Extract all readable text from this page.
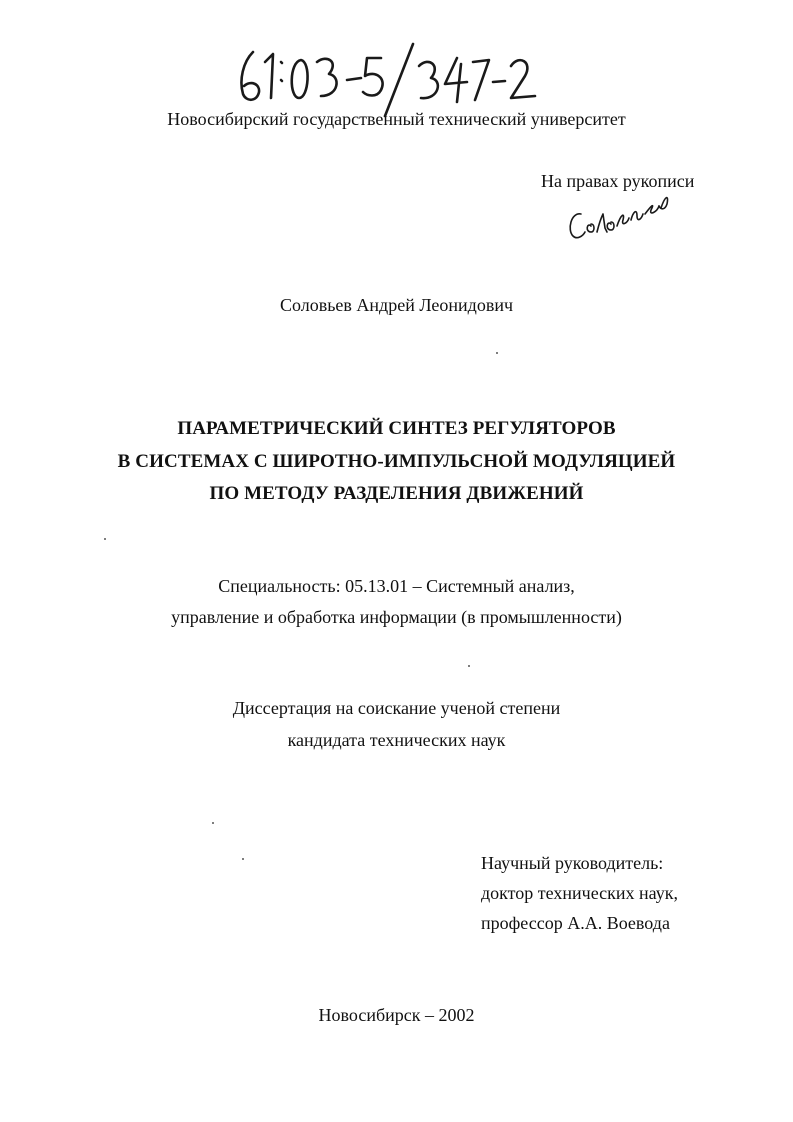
Новосибирский государственный технический университет
На правах рукописи
Соловьев Андрей Леонидович
ПАРАМЕТРИЧЕСКИЙ СИНТЕЗ РЕГУЛЯТОРОВ
В СИСТЕМАХ С ШИРОТНО-ИМПУЛЬСНОЙ МОДУЛЯЦИЕЙ
ПО МЕТОДУ РАЗДЕЛЕНИЯ ДВИЖЕНИЙ
Специальность: 05.13.01 – Системный анализ,
управление и обработка информации (в промышленности)
Диссертация на соискание ученой степени
кандидата технических наук
Научный руководитель:
доктор технических наук,
профессор А.А. Воевода
Новосибирск – 2002
